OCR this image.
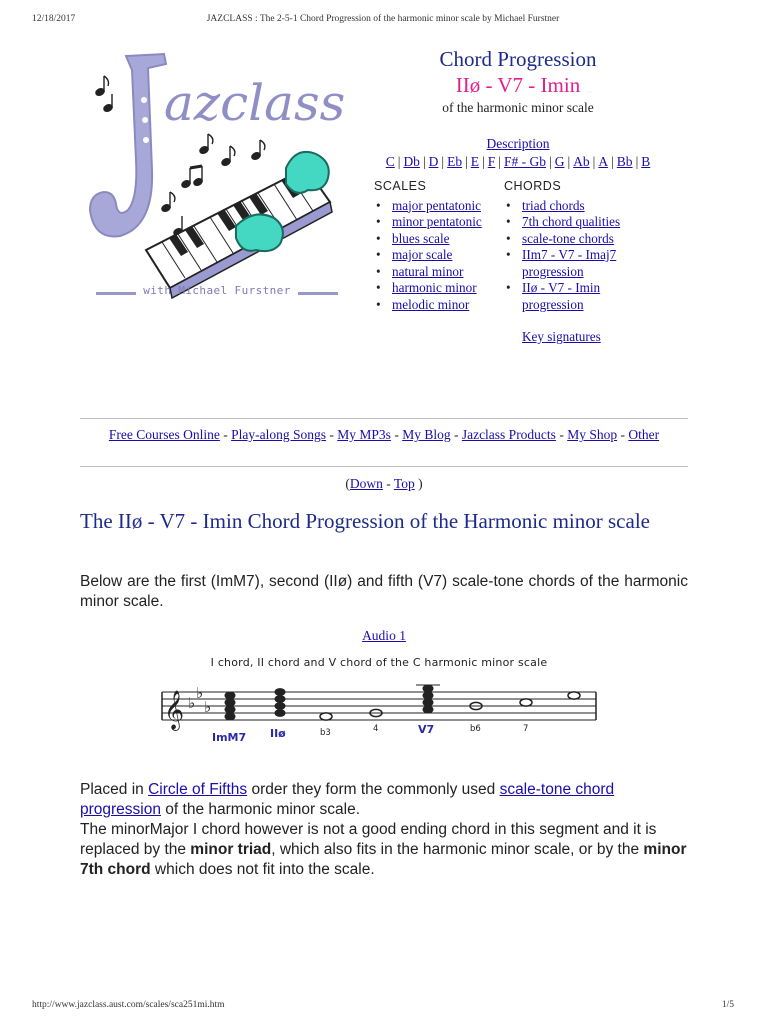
12/18/2017	JAZCLASS : The 2-5-1 Chord Progression of the harmonic minor scale by Michael Furstner
azclass
with Michael Furstner
Chord Progression
IIø - V7 - Imin
of the harmonic minor scale
Description
C | Db | D | Eb | E | F | F# - Gb | G | Ab | A | Bb | B
SCALES
• major pentatonic
• minor pentatonic
• blues scale
• major scale
• natural minor
• harmonic minor
• melodic minor
CHORDS
• triad chords
• 7th chord qualities
• scale-tone chords
• IIm7 - V7 - Imaj7 progression
• IIø - V7 - Imin progression
Key signatures
Free Courses Online - Play-along Songs - My MP3s - My Blog - Jazclass Products - My Shop - Other
(Down - Top )
The IIø - V7 - Imin Chord Progression of the Harmonic minor scale

Below are the first (ImM7), second (IIø) and fifth (V7) scale-tone chords of the harmonic minor scale.

Audio 1
I chord, II chord and V chord of the C harmonic minor scale
𝄞 ♭
♭
♭
ImM7 IIø	V7
b3	4	b6	7
Placed in Circle of Fifths order they form the commonly used scale-tone chord progression of the harmonic minor scale.
The minorMajor I chord however is not a good ending chord in this segment and it is replaced by the minor triad, which also fits in the harmonic minor scale, or by the minor 7th chord which does not fit into the scale.
http://www.jazclass.aust.com/scales/sca251mi.htm	1/5
